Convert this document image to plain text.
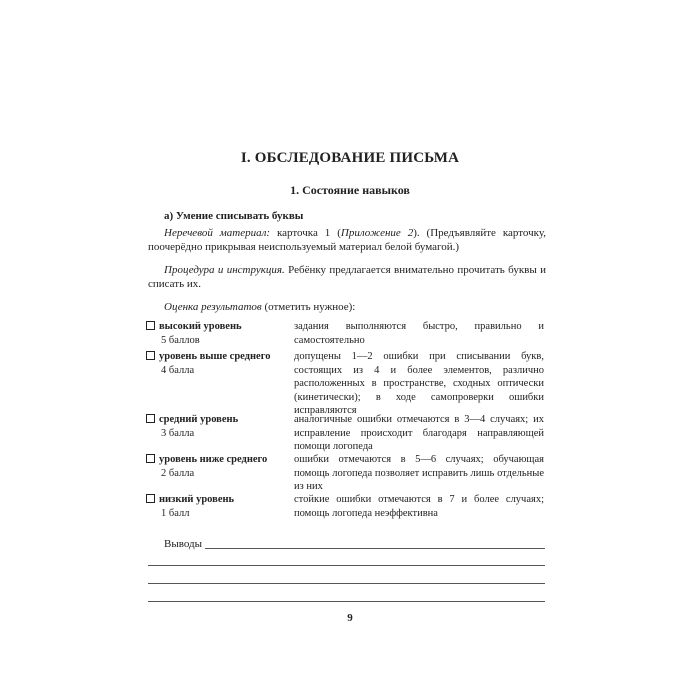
I. ОБСЛЕДОВАНИЕ ПИСЬМА
1. Состояние навыков
а) Умение списывать буквы
Неречевой материал: карточка 1 (Приложение 2). (Предъявляйте карточку, поочерёдно прикрывая неиспользуемый материал белой бумагой.)
Процедура и инструкция. Ребёнку предлагается внимательно прочитать буквы и списать их.
Оценка результатов (отметить нужное):
высокий уровень
5 баллов
задания выполняются быстро, правильно и самостоятельно
уровень выше среднего
4 балла
допущены 1—2 ошибки при списывании букв, состоящих из 4 и более элементов, различно расположенных в пространстве, сходных оптически (кинетически); в ходе самопроверки ошибки исправляются
средний уровень
3 балла
аналогичные ошибки отмечаются в 3—4 случаях; их исправление происходит благодаря направляющей помощи логопеда
уровень ниже среднего
2 балла
ошибки отмечаются в 5—6 случаях; обучающая помощь логопеда позволяет исправить лишь отдельные из них
низкий уровень
1 балл
стойкие ошибки отмечаются в 7 и более случаях; помощь логопеда неэффективна
Выводы
9
